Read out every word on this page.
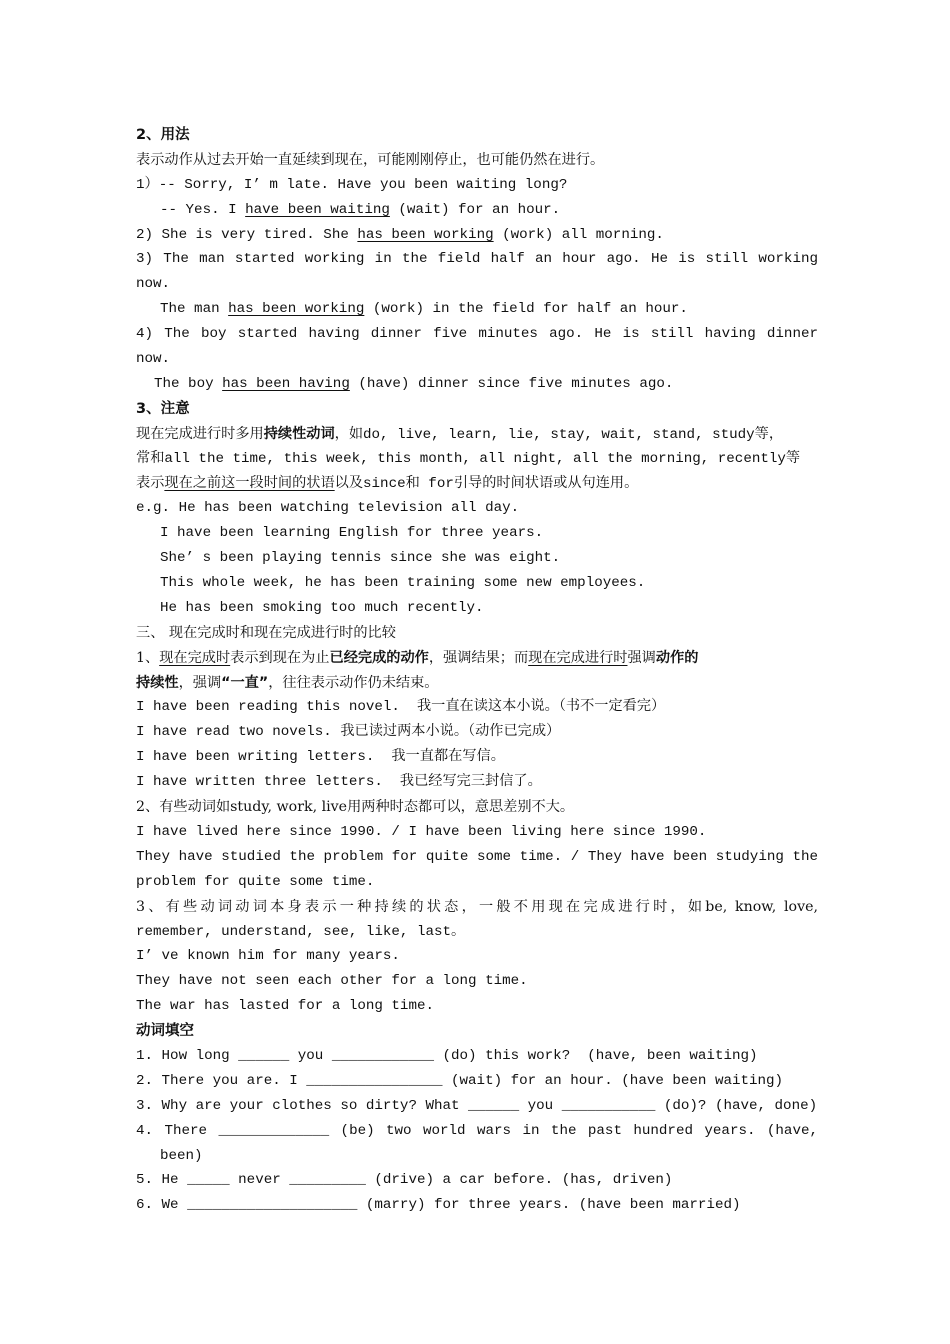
2、用法
表示动作从过去开始一直延续到现在，可能刚刚停止，也可能仍然在进行。
1）-- Sorry, I’ m late. Have you been waiting long?
-- Yes. I have been waiting (wait) for an hour.
2) She is very tired. She has been working (work) all morning.
3) The man started working in the field half an hour ago. He is still working
now.
The man has been working (work) in the field for half an hour.
4) The boy started having dinner five minutes ago. He is still having dinner
now.
The boy has been having (have) dinner since five minutes ago.
3、注意
现在完成进行时多用持续性动词，如do, live, learn, lie, stay, wait, stand, study等，
常和all the time, this week, this month, all night, all the morning, recently等
表示现在之前这一段时间的状语以及since和 for引导的时间状语或从句连用。
e.g. He has been watching television all day.
I have been learning English for three years.
She’ s been playing tennis since she was eight.
This whole week, he has been training some new employees.
He has been smoking too much recently.
三、 现在完成时和现在完成进行时的比较
1、现在完成时表示到现在为止已经完成的动作，强调结果；而现在完成进行时强调动作的
持续性，强调“一直”，往往表示动作仍未结束。
I have been reading this novel.  我一直在读这本小说。（书不一定看完）
I have read two novels. 我已读过两本小说。（动作已完成）
I have been writing letters.  我一直都在写信。
I have written three letters.  我已经写完三封信了。
2、有些动词如study, work, live用两种时态都可以，意思差别不大。
I have lived here since 1990. / I have been living here since 1990.
They have studied the problem for quite some time. / They have been studying the
problem for quite some time.
3、有些动词动词本身表示一种持续的状态，一般不用现在完成进行时，如be, know, love,
remember, understand, see, like, last。
I’ ve known him for many years.
They have not seen each other for a long time.
The war has lasted for a long time.
动词填空
1. How long ______ you ____________ (do) this work?  (have, been waiting)
2. There you are. I ________________ (wait) for an hour. (have been waiting)
3. Why are your clothes so dirty? What ______ you ___________ (do)? (have, done)
4. There _____________ (be) two world wars in the past hundred years. (have,
been)
5. He _____ never _________ (drive) a car before. (has, driven)
6. We ____________________ (marry) for three years. (have been married)
